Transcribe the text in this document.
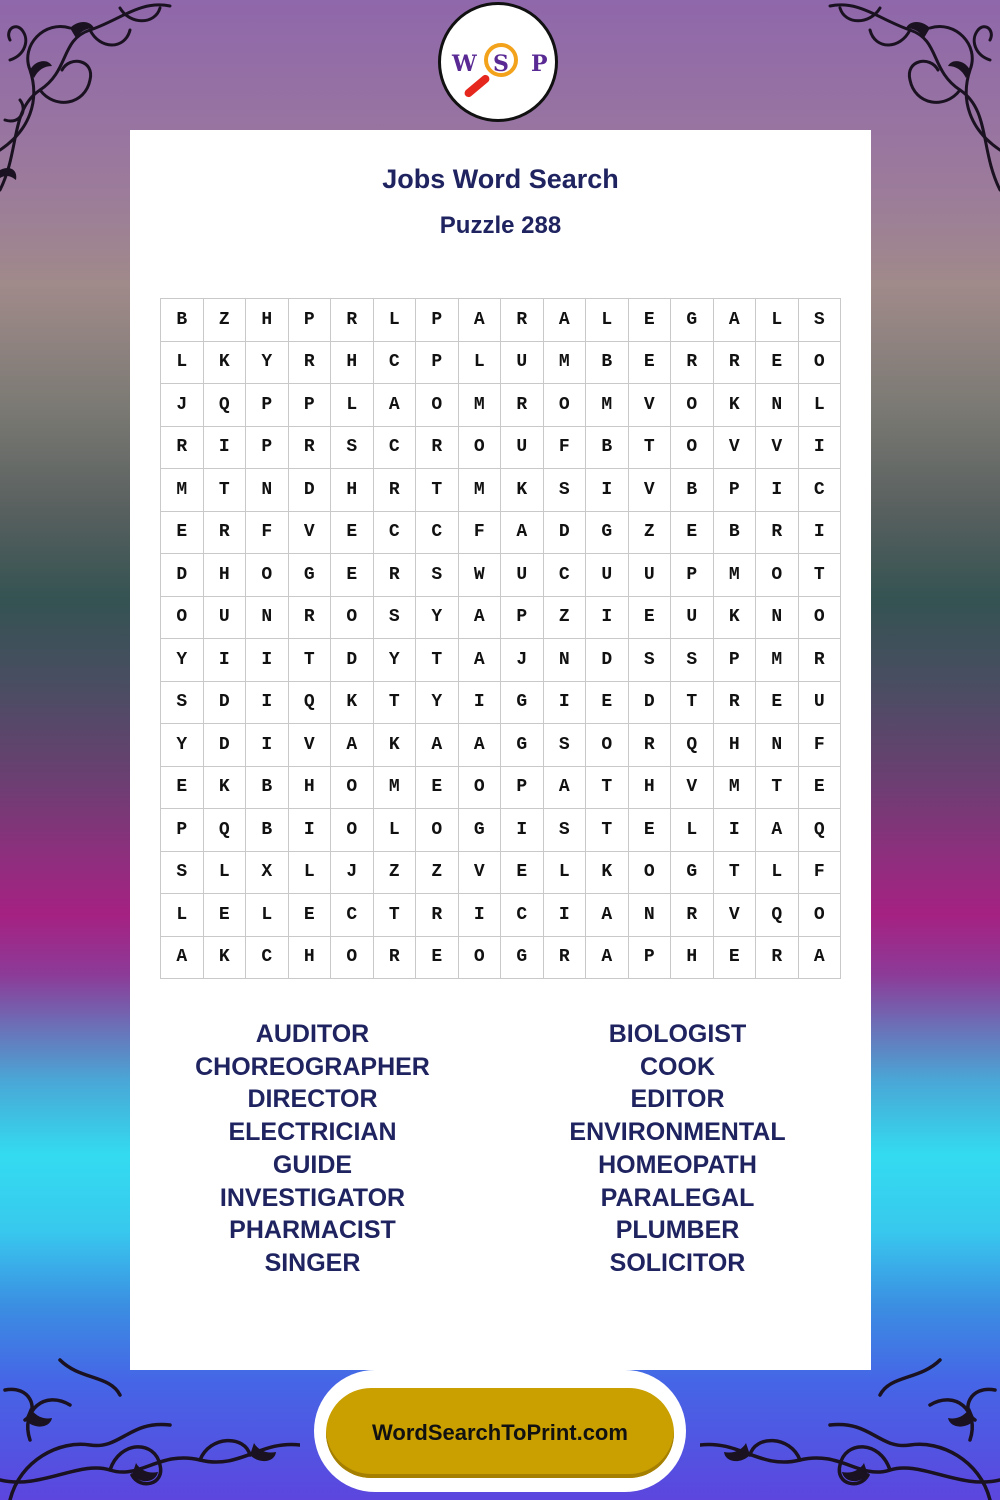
W S P
Jobs Word Search
Puzzle 288
B	Z	H	P	R	L	P	A	R	A	L	E	G	A	L	S
L	K	Y	R	H	C	P	L	U	M	B	E	R	R	E	O
J	Q	P	P	L	A	O	M	R	O	M	V	O	K	N	L
R	I	P	R	S	C	R	O	U	F	B	T	O	V	V	I
M	T	N	D	H	R	T	M	K	S	I	V	B	P	I	C
E	R	F	V	E	C	C	F	A	D	G	Z	E	B	R	I
D	H	O	G	E	R	S	W	U	C	U	U	P	M	O	T
O	U	N	R	O	S	Y	A	P	Z	I	E	U	K	N	O
Y	I	I	T	D	Y	T	A	J	N	D	S	S	P	M	R
S	D	I	Q	K	T	Y	I	G	I	E	D	T	R	E	U
Y	D	I	V	A	K	A	A	G	S	O	R	Q	H	N	F
E	K	B	H	O	M	E	O	P	A	T	H	V	M	T	E
P	Q	B	I	O	L	O	G	I	S	T	E	L	I	A	Q
S	L	X	L	J	Z	Z	V	E	L	K	O	G	T	L	F
L	E	L	E	C	T	R	I	C	I	A	N	R	V	Q	O
A	K	C	H	O	R	E	O	G	R	A	P	H	E	R	A
AUDITOR
CHOREOGRAPHER
DIRECTOR
ELECTRICIAN
GUIDE
INVESTIGATOR
PHARMACIST
SINGER
BIOLOGIST
COOK
EDITOR
ENVIRONMENTAL
HOMEOPATH
PARALEGAL
PLUMBER
SOLICITOR
WordSearchToPrint.com
